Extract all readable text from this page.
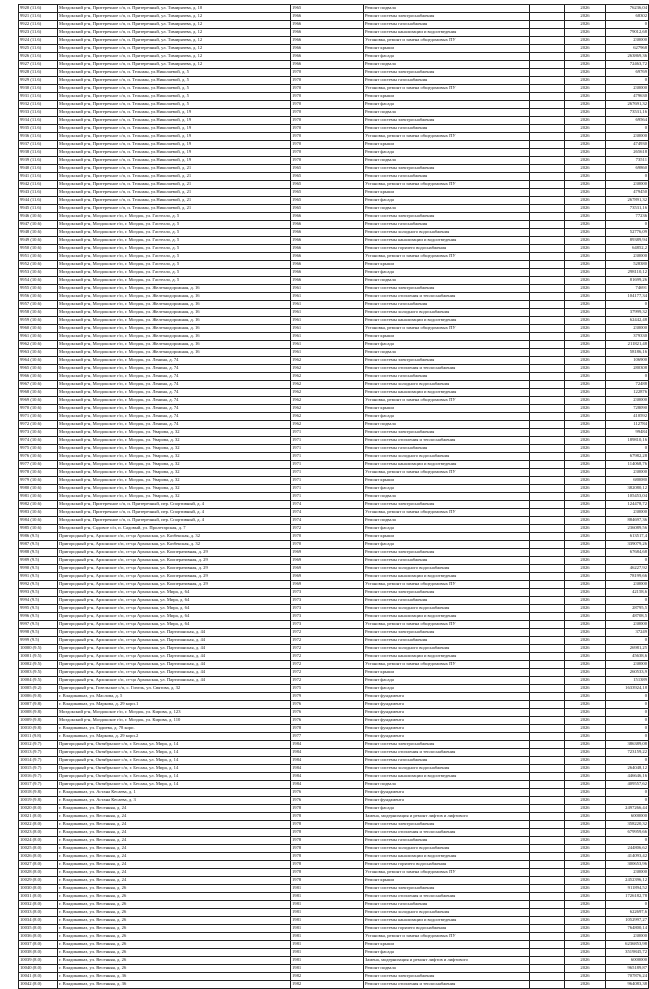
9920 (11.6)	Моздокский р-н, Притеречное с/п, п. Притеречный, ул. Тимирязева, д. 10	1965	Ремонт подвала		2026	76236,04
9921 (11.6)	Моздокский р-н, Притеречное с/п, п. Притеречный, ул. Тимирязева, д. 12	1966	Ремонт системы электроснабжения		2026	68302
9922 (11.6)	Моздокский р-н, Притеречное с/п, п. Притеречный, ул. Тимирязева, д. 12	1966	Ремонт системы газоснабжения		2026	0
9923 (11.6)	Моздокский р-н, Притеречное с/п, п. Притеречный, ул. Тимирязева, д. 12	1966	Ремонт системы канализации и водоотведения		2026	79012,68
9924 (11.6)	Моздокский р-н, Притеречное с/п, п. Притеречный, ул. Тимирязева, д. 12	1966	Установка, ремонт и замена общедомовых ПУ		2026	230000
9925 (11.6)	Моздокский р-н, Притеречное с/п, п. Притеречный, ул. Тимирязева, д. 12	1966	Ремонт крыши		2026	627968
9926 (11.6)	Моздокский р-н, Притеречное с/п, п. Притеречный, ул. Тимирязева, д. 12	1966	Ремонт фасада		2026	263869,36
9927 (11.6)	Моздокский р-н, Притеречное с/п, п. Притеречный, ул. Тимирязева, д. 12	1966	Ремонт подвала		2026	72463,72
9928 (11.6)	Моздокский р-н, Притеречное с/п, п. Тельман, ул.Николаевой, д. 5	1970	Ремонт системы электроснабжения		2026	69769
9929 (11.6)	Моздокский р-н, Притеречное с/п, п. Тельман, ул.Николаевой, д. 5	1970	Ремонт системы газоснабжения		2026	0
9930 (11.6)	Моздокский р-н, Притеречное с/п, п. Тельман, ул.Николаевой, д. 5	1970	Установка, ремонт и замена общедомовых ПУ		2026	230000
9931 (11.6)	Моздокский р-н, Притеречное с/п, п. Тельман, ул.Николаевой, д. 5	1970	Ремонт крыши		2026	479630
9932 (11.6)	Моздокский р-н, Притеречное с/п, п. Тельман, ул.Николаевой, д. 5	1970	Ремонт фасада		2026	267691,32
9933 (11.6)	Моздокский р-н, Притеречное с/п, п. Тельман, ул.Николаевой, д. 19	1970	Ремонт подвала		2026	73531,16
9934 (11.6)	Моздокский р-н, Притеречное с/п, п. Тельман, ул.Николаевой, д. 19	1970	Ремонт системы электроснабжения		2026	69564
9935 (11.6)	Моздокский р-н, Притеречное с/п, п. Тельман, ул.Николаевой, д. 19	1970	Ремонт системы газоснабжения		2026	0
9936 (11.6)	Моздокский р-н, Притеречное с/п, п. Тельман, ул.Николаевой, д. 19	1970	Установка, ремонт и замена общедомовых ПУ		2026	230000
9937 (11.6)	Моздокский р-н, Притеречное с/п, п. Тельман, ул.Николаевой, д. 19	1970	Ремонт крыши		2026	474930
9938 (11.6)	Моздокский р-н, Притеречное с/п, п. Тельман, ул.Николаевой, д. 19	1970	Ремонт фасада		2026	265618
9939 (11.6)	Моздокский р-н, Притеречное с/п, п. Тельман, ул.Николаевой, д. 19	1970	Ремонт подвала		2026	73511
9940 (11.6)	Моздокский р-н, Притеречное с/п, п. Тельман, ул.Николаевой, д. 21	1965	Ремонт системы электроснабжения		2026	69860
9941 (11.6)	Моздокский р-н, Притеречное с/п, п. Тельман, ул.Николаевой, д. 21	1965	Ремонт системы газоснабжения		2026	0
9942 (11.6)	Моздокский р-н, Притеречное с/п, п. Тельман, ул.Николаевой, д. 21	1965	Установка, ремонт и замена общедомовых ПУ		2026	230000
9943 (11.6)	Моздокский р-н, Притеречное с/п, п. Тельман, ул.Николаевой, д. 21	1965	Ремонт крыши		2026	479450
9944 (11.6)	Моздокский р-н, Притеречное с/п, п. Тельман, ул.Николаевой, д. 21	1965	Ремонт фасада		2026	267891,32
9945 (11.6)	Моздокский р-н, Притеречное с/п, п. Тельман, ул.Николаевой, д. 21	1965	Ремонт подвала		2026	73531,16
9946 (10.6)	Моздокский р-н, Моздокское г/п, г. Моздок, ул. Гастелло, д. 5	1966	Ремонт системы электроснабжения		2026	77236
9947 (10.6)	Моздокский р-н, Моздокское г/п, г. Моздок, ул. Гастелло, д. 5	1966	Ремонт системы газоснабжения		2026	0
9948 (10.6)	Моздокский р-н, Моздокское г/п, г. Моздок, ул. Гастелло, д. 5	1966	Ремонт системы холодного водоснабжения		2026	52776,09
9949 (10.6)	Моздокский р-н, Моздокское г/п, г. Моздок, ул. Гастелло, д. 5	1966	Ремонт системы канализации и водоотведения		2026	89389,94
9950 (10.6)	Моздокский р-н, Моздокское г/п, г. Моздок, ул. Гастелло, д. 5	1966	Ремонт системы горячего водоснабжения		2026	64852,2
9951 (10.6)	Моздокский р-н, Моздокское г/п, г. Моздок, ул. Гастелло, д. 5	1966	Установка, ремонт и замена общедомовых ПУ		2026	230000
9952 (10.6)	Моздокский р-н, Моздокское г/п, г. Моздок, ул. Гастелло, д. 5	1966	Ремонт крыши		2026	528380
9953 (10.6)	Моздокский р-н, Моздокское г/п, г. Моздок, ул. Гастелло, д. 5	1966	Ремонт фасада		2026	298110,12
9954 (10.6)	Моздокский р-н, Моздокское г/п, г. Моздок, ул. Гастелло, д. 5	1966	Ремонт подвала		2026	81699,26
9955 (10.6)	Моздокский р-н, Моздокское г/п, г. Моздок, ул. Железнодорожная, д. 16	1961	Ремонт системы электроснабжения		2026	74691
9956 (10.6)	Моздокский р-н, Моздокское г/п, г. Моздок, ул. Железнодорожная, д. 16	1961	Ремонт системы отопления и теплоснабжения		2026	104177,34
9957 (10.6)	Моздокский р-н, Моздокское г/п, г. Моздок, ул. Железнодорожная, д. 16	1961	Ремонт системы газоснабжения		2026	0
9958 (10.6)	Моздокский р-н, Моздокское г/п, г. Моздок, ул. Железнодорожная, д. 16	1961	Ремонт системы холодного водоснабжения		2026	37999,32
9959 (10.6)	Моздокский р-н, Моздокское г/п, г. Моздок, ул. Железнодорожная, д. 16	1961	Ремонт системы канализации и водоотведения		2026	62442,48
9960 (10.6)	Моздокский р-н, Моздокское г/п, г. Моздок, ул. Железнодорожная, д. 16	1961	Установка, ремонт и замена общедомовых ПУ		2026	230000
9961 (10.6)	Моздокский р-н, Моздокское г/п, г. Моздок, ул. Железнодорожная, д. 16	1961	Ремонт крыши		2026	379330
9962 (10.6)	Моздокский р-н, Моздокское г/п, г. Моздок, ул. Железнодорожная, д. 16	1961	Ремонт фасада		2026	211821,48
9963 (10.6)	Моздокский р-н, Моздокское г/п, г. Моздок, ул. Железнодорожная, д. 16	1961	Ремонт подвала		2026	58186,16
9964 (10.6)	Моздокский р-н, Моздокское г/п, г. Моздок, ул. Ленина, д. 74	1962	Ремонт системы электроснабжения		2026	106900
9965 (10.6)	Моздокский р-н, Моздокское г/п, г. Моздок, ул. Ленина, д. 74	1962	Ремонт системы отопления и теплоснабжения		2026	280308
9966 (10.6)	Моздокский р-н, Моздокское г/п, г. Моздок, ул. Ленина, д. 74	1962	Ремонт системы газоснабжения		2026	0
9967 (10.6)	Моздокский р-н, Моздокское г/п, г. Моздок, ул. Ленина, д. 74	1962	Ремонт системы холодного водоснабжения		2026	72488
9968 (10.6)	Моздокский р-н, Моздокское г/п, г. Моздок, ул. Ленина, д. 74	1962	Ремонт системы канализации и водоотведения		2026	122876
9969 (10.6)	Моздокский р-н, Моздокское г/п, г. Моздок, ул. Ленина, д. 74	1962	Установка, ремонт и замена общедомовых ПУ		2026	230000
9970 (10.6)	Моздокский р-н, Моздокское г/п, г. Моздок, ул. Ленина, д. 74	1962	Ремонт крыши		2026	728090
9971 (10.6)	Моздокский р-н, Моздокское г/п, г. Моздок, ул. Ленина, д. 74	1962	Ремонт фасада		2026	410592
9972 (10.6)	Моздокский р-н, Моздокское г/п, г. Моздок, ул. Ленина, д. 74	1962	Ремонт подвала		2026	112784
9973 (10.6)	Моздокский р-н, Моздокское г/п, г. Моздок, ул. Уварова, д. 32	1971	Ремонт системы электроснабжения		2026	99484
9974 (10.6)	Моздокский р-н, Моздокское г/п, г. Моздок, ул. Уварова, д. 32	1971	Ремонт системы отопления и теплоснабжения		2026	189810,16
9975 (10.6)	Моздокский р-н, Моздокское г/п, г. Моздок, ул. Уварова, д. 32	1971	Ремонт системы газоснабжения		2026	0
9976 (10.6)	Моздокский р-н, Моздокское г/п, г. Моздок, ул. Уварова, д. 32	1971	Ремонт системы холодного водоснабжения		2026	67982,28
9977 (10.6)	Моздокский р-н, Моздокское г/п, г. Моздок, ул. Уварова, д. 32	1971	Ремонт системы канализации и водоотведения		2026	114068,76
9978 (10.6)	Моздокский р-н, Моздокское г/п, г. Моздок, ул. Уварова, д. 32	1971	Установка, ремонт и замена общедомовых ПУ		2026	230000
9979 (10.6)	Моздокский р-н, Моздокское г/п, г. Моздок, ул. Уварова, д. 32	1971	Ремонт крыши		2026	680080
9980 (10.6)	Моздокский р-н, Моздокское г/п, г. Моздок, ул. Уварова, д. 32	1971	Ремонт фасада		2026	382080,12
9981 (10.6)	Моздокский р-н, Моздокское г/п, г. Моздок, ул. Уварова, д. 32	1971	Ремонт подвала		2026	105453,04
9982 (10.6)	Моздокский р-н, Притеречное с/п, п. Притеречный, пер. Спортивный, д. 4	1974	Ремонт системы электроснабжения		2026	124478,72
9983 (10.6)	Моздокский р-н, Притеречное с/п, п. Притеречный, пер. Спортивный, д. 4	1974	Установка, ремонт и замена общедомовых ПУ		2026	230000
9984 (10.6)	Моздокский р-н, Притеречное с/п, п. Притеречный, пер. Спортивный, д. 4	1974	Ремонт подвала		2026	884697,36
9985 (10.6)	Моздокский р-н, Садовое с/п, п. Садовый, ул. Пролетарская, д. 7	1972	Ремонт фасада		2026	236089,56
9986 (9.5)	Пригородный р-н, Архонское с/п, ст-ца Архонская, ул. Казбекская, д. 32	1970	Ремонт крыши		2026	613517,4
9987 (9.5)	Пригородный р-н, Архонское с/п, ст-ца Архонская, ул. Казбекская, д. 32	1970	Ремонт фасада		2026	339079,26
9988 (9.5)	Пригородный р-н, Архонское с/п, ст-ца Архонская, ул. Кооперативная, д. 29	1969	Ремонт системы электроснабжения		2026	67684,68
9989 (9.5)	Пригородный р-н, Архонское с/п, ст-ца Архонская, ул. Кооперативная, д. 29	1969	Ремонт системы газоснабжения		2026	0
9990 (9.5)	Пригородный р-н, Архонское с/п, ст-ца Архонская, ул. Кооперативная, д. 29	1969	Ремонт системы холодного водоснабжения		2026	46227,92
9991 (9.5)	Пригородный р-н, Архонское с/п, ст-ца Архонская, ул. Кооперативная, д. 29	1969	Ремонт системы канализации и водоотведения		2026	78199,66
9992 (9.5)	Пригородный р-н, Архонское с/п, ст-ца Архонская, ул. Кооперативная, д. 29	1969	Установка, ремонт и замена общедомовых ПУ		2026	230000
9993 (9.5)	Пригородный р-н, Архонское с/п, ст-ца Архонская, ул. Мира, д. 64	1973	Ремонт системы электроснабжения		2026	42158,6
9994 (9.5)	Пригородный р-н, Архонское с/п, ст-ца Архонская, ул. Мира, д. 64	1973	Ремонт системы газоснабжения		2026	0
9995 (9.5)	Пригородный р-н, Архонское с/п, ст-ца Архонская, ул. Мира, д. 64	1973	Ремонт системы холодного водоснабжения		2026	28795,5
9996 (9.5)	Пригородный р-н, Архонское с/п, ст-ца Архонская, ул. Мира, д. 64	1973	Ремонт системы канализации и водоотведения		2026	48708,5
9997 (9.5)	Пригородный р-н, Архонское с/п, ст-ца Архонская, ул. Мира, д. 64	1973	Установка, ремонт и замена общедомовых ПУ		2026	230000
9998 (9.5)	Пригородный р-н, Архонское с/п, ст-ца Архонская, ул. Партизанская, д. 44	1972	Ремонт системы электроснабжения		2026	37249
9999 (9.5)	Пригородный р-н, Архонское с/п, ст-ца Архонская, ул. Партизанская, д. 44	1972	Ремонт системы газоснабжения		2026	0
10000 (9.5)	Пригородный р-н, Архонское с/п, ст-ца Архонская, ул. Партизанская, д. 44	1972	Ремонт системы холодного водоснабжения		2026	26981,25
10001 (9.5)	Пригородный р-н, Архонское с/п, ст-ца Архонская, ул. Партизанская, д. 44	1972	Ремонт системы канализации и водоотведения		2026	45638,6
10002 (9.5)	Пригородный р-н, Архонское с/п, ст-ца Архонская, ул. Партизанская, д. 44	1972	Установка, ремонт и замена общедомовых ПУ		2026	230000
10003 (9.5)	Пригородный р-н, Архонское с/п, ст-ца Архонская, ул. Партизанская, д. 44	1972	Ремонт крыши		2026	260533,9
10004 (9.5)	Пригородный р-н, Архонское с/п, ст-ца Архонская, ул. Партизанская, д. 44	1972	Ремонт фасада		2026	151389
10005 (9.2)	Пригородный р-н, Гизельское с/п, с. Гизель, ул. Святова, д. 32	1975	Ремонт фасада		2026	1633924,18
10006 (9.8)	г. Владикавказ, ул. Маслова, д. 5	1979	Ремонт фундамента		2026	0
10007 (9.8)	г. Владикавказ, ул. Маркова, д. 29 корп.1	1976	Ремонт фундамента		2026	0
10008 (9.8)	Моздокский р-н, Моздокское г/п, г. Моздок, ул. Кирова, д. 123	1976	Ремонт фундамента		2026	0
10009 (9.8)	Моздокский р-н, Моздокское г/п, г. Моздок, ул. Кирова, д. 110	1976	Ремонт фундамента		2026	0
10010 (9.8)	г. Владикавказ, ул. Гадиева, д. 78 корп.	1978	Ремонт фундамента		2026	0
10011 (9.8)	г. Владикавказ, ул. Маркова, д. 29 корп.2	1977	Ремонт фундамента		2026	0
10012 (9.7)	Пригородный р-н, Октябрьское с/п, г. Беслан, ул. Мира, д. 14	1984	Ремонт системы электроснабжения		2026	386389,08
10013 (9.7)	Пригородный р-н, Октябрьское с/п, г. Беслан, ул. Мира, д. 14	1984	Ремонт системы отопления и теплоснабжения		2026	723159,22
10014 (9.7)	Пригородный р-н, Октябрьское с/п, г. Беслан, ул. Мира, д. 14	1984	Ремонт системы газоснабжения		2026	0
10015 (9.7)	Пригородный р-н, Октябрьское с/п, г. Беслан, ул. Мира, д. 14	1984	Ремонт системы холодного водоснабжения		2026	264048,12
10016 (9.7)	Пригородный р-н, Октябрьское с/п, г. Беслан, ул. Мира, д. 14	1984	Ремонт системы канализации и водоотведения		2026	446646,16
10017 (9.7)	Пригородный р-н, Октябрьское с/п, г. Беслан, ул. Мира, д. 14	1984	Ремонт подвала		2026	409557,62
10018 (9.8)	г. Владикавказ, ул. Астана Кесаева, д. 1	1976	Ремонт фундамента		2026	0
10019 (9.8)	г. Владикавказ, ул. Астана Кесаева, д. 3	1976	Ремонт фундамента		2026	0
10020 (8.0)	г. Владикавказ, ул. Весенняя, д. 24	1978	Ремонт фасада		2026	2497266,44
10021 (8.0)	г. Владикавказ, ул. Весенняя, д. 24	1978	Замена, модернизация и ремонт лифтов и лифтового		2026	6000000
10022 (8.0)	г. Владикавказ, ул. Весенняя, д. 24	1978	Ремонт системы электроснабжения		2026	358220,32
10023 (8.0)	г. Владикавказ, ул. Весенняя, д. 24	1978	Ремонт системы отопления и теплоснабжения		2026	679959,66
10024 (8.0)	г. Владикавказ, ул. Весенняя, д. 24	1978	Ремонт системы газоснабжения		2026	0
10025 (8.0)	г. Владикавказ, ул. Весенняя, д. 24	1978	Ремонт системы холодного водоснабжения		2026	244806,62
10026 (8.0)	г. Владикавказ, ул. Весенняя, д. 24	1978	Ремонт системы канализации и водоотведения		2026	414093,42
10027 (8.0)	г. Владикавказ, ул. Весенняя, д. 24	1978	Ремонт системы горячего водоснабжения		2026	300653,96
10028 (8.0)	г. Владикавказ, ул. Весенняя, д. 24	1978	Установка, ремонт и замена общедомовых ПУ		2026	230000
10029 (8.0)	г. Владикавказ, ул. Весенняя, д. 24	1978	Ремонт крыши		2026	2452396,12
10030 (8.0)	г. Владикавказ, ул. Весенняя, д. 26	1981	Ремонт системы электроснабжения		2026	911894,52
10031 (8.0)	г. Владикавказ, ул. Весенняя, д. 26	1981	Ремонт системы отопления и теплоснабжения		2026	1726182,78
10032 (8.0)	г. Владикавказ, ул. Весенняя, д. 26	1981	Ремонт системы газоснабжения		2026	0
10033 (8.0)	г. Владикавказ, ул. Весенняя, д. 26	1981	Ремонт системы холодного водоснабжения		2026	622697,6
10034 (8.0)	г. Владикавказ, ул. Весенняя, д. 26	1981	Ремонт системы канализации и водоотведения		2026	1052997,27
10035 (8.0)	г. Владикавказ, ул. Весенняя, д. 26	1981	Ремонт системы горячего водоснабжения		2026	764800,14
10036 (8.0)	г. Владикавказ, ул. Весенняя, д. 26	1981	Установка, ремонт и замена общедомовых ПУ		2026	230000
10037 (8.0)	г. Владикавказ, ул. Весенняя, д. 26	1981	Ремонт крыши		2026	6236853,98
10038 (8.0)	г. Владикавказ, ул. Весенняя, д. 26	1981	Ремонт фасада		2026	3519845,72
10039 (8.0)	г. Владикавказ, ул. Весенняя, д. 26	1981	Замена, модернизация и ремонт лифтов и лифтового		2026	6000000
10040 (8.0)	г. Владикавказ, ул. Весенняя, д. 26	1981	Ремонт подвала		2026	965189,87
10041 (8.0)	г. Владикавказ, ул. Весенняя, д. 36	1982	Ремонт системы электроснабжения		2026	707876,24
10042 (8.0)	г. Владикавказ, ул. Весенняя, д. 36	1982	Ремонт системы отопления и теплоснабжения		2026	964083,38
